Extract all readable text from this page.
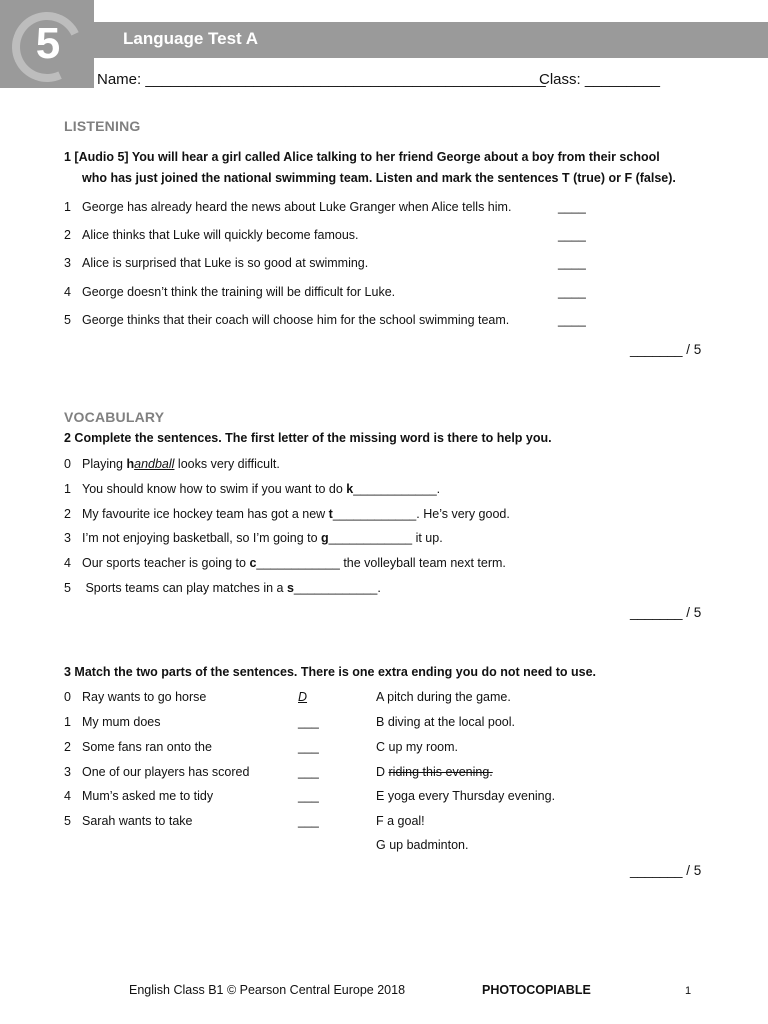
5	Language Test A
Name: ________________________________________________
Class: _________
LISTENING
1 [Audio 5] You will hear a girl called Alice talking to her friend George about a boy from their school
who has just joined the national swimming team. Listen and mark the sentences T (true) or F (false).
1 George has already heard the news about Luke Granger when Alice tells him.	____
2 Alice thinks that Luke will quickly become famous.	____
3 Alice is surprised that Luke is so good at swimming.	____
4 George doesn’t think the training will be difficult for Luke.	____
5 George thinks that their coach will choose him for the school swimming team.	____
_______ / 5
VOCABULARY
2 Complete the sentences. The first letter of the missing word is there to help you.
0 Playing handball looks very difficult.
1 You should know how to swim if you want to do k____________.
2 My favourite ice hockey team has got a new t____________. He’s very good.
3 I’m not enjoying basketball, so I’m going to g____________ it up.
4 Our sports teacher is going to c____________ the volleyball team next term.
5 Sports teams can play matches in a s____________.
_______ / 5
3 Match the two parts of the sentences. There is one extra ending you do not need to use.
0 Ray wants to go horse	D
1 My mum does	___
2 Some fans ran onto the	___
3 One of our players has scored	___
4 Mum’s asked me to tidy	___
5 Sarah wants to take	___
A pitch during the game.
B diving at the local pool.
C up my room.
D riding this evening.
E yoga every Thursday evening.
F a goal!
G up badminton.
_______ / 5
English Class B1 © Pearson Central Europe 2018	PHOTOCOPIABLE	1
